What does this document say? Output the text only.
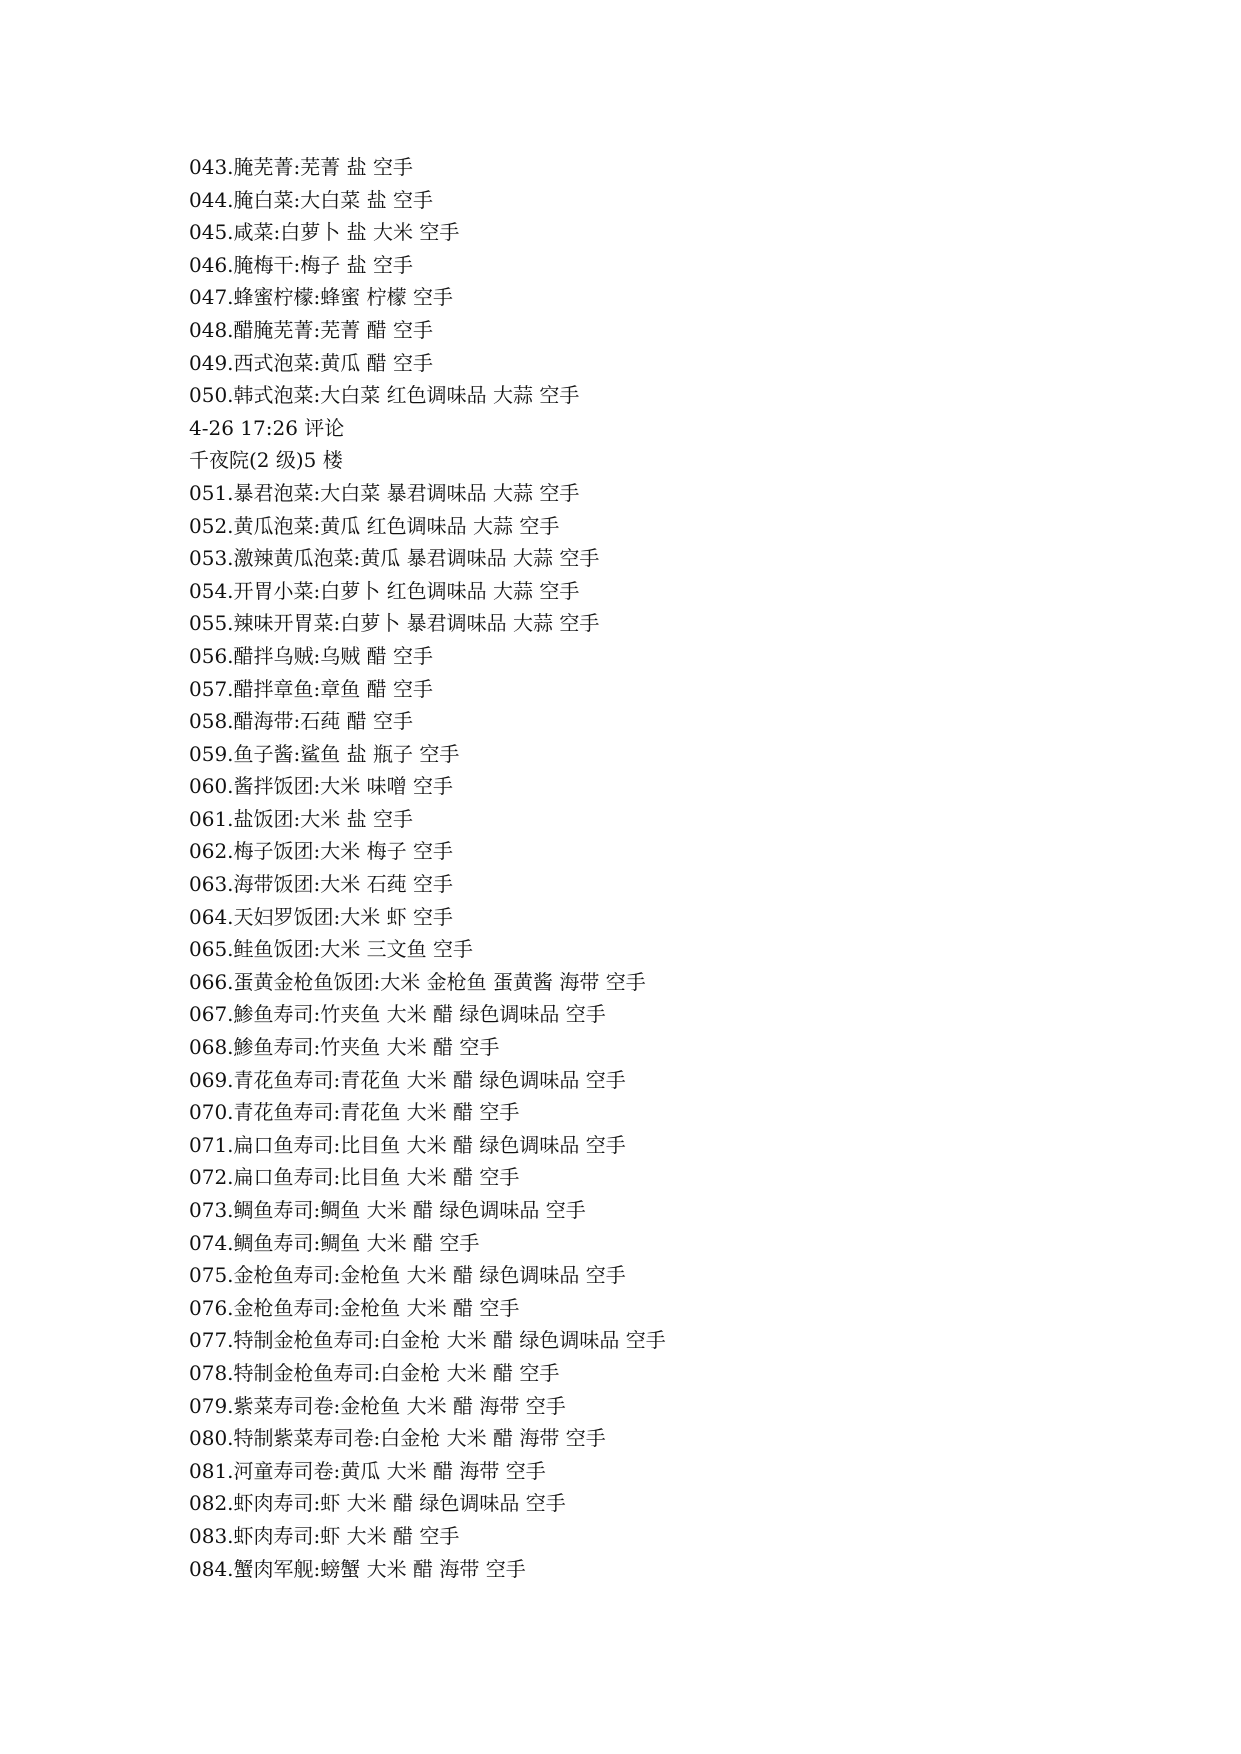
043.腌芜菁:芜菁 盐 空手
044.腌白菜:大白菜 盐 空手
045.咸菜:白萝卜 盐 大米 空手
046.腌梅干:梅子 盐 空手
047.蜂蜜柠檬:蜂蜜 柠檬 空手
048.醋腌芜菁:芜菁 醋 空手
049.西式泡菜:黄瓜 醋 空手
050.韩式泡菜:大白菜 红色调味品 大蒜 空手
4-26 17:26 评论
千夜院(2 级)5 楼
051.暴君泡菜:大白菜 暴君调味品 大蒜 空手
052.黄瓜泡菜:黄瓜 红色调味品 大蒜 空手
053.激辣黄瓜泡菜:黄瓜 暴君调味品 大蒜 空手
054.开胃小菜:白萝卜 红色调味品 大蒜 空手
055.辣味开胃菜:白萝卜 暴君调味品 大蒜 空手
056.醋拌乌贼:乌贼 醋 空手
057.醋拌章鱼:章鱼 醋 空手
058.醋海带:石莼 醋 空手
059.鱼子酱:鲨鱼 盐 瓶子 空手
060.酱拌饭团:大米 味噌 空手
061.盐饭团:大米 盐 空手
062.梅子饭团:大米 梅子 空手
063.海带饭团:大米 石莼 空手
064.天妇罗饭团:大米 虾 空手
065.鲑鱼饭团:大米 三文鱼 空手
066.蛋黄金枪鱼饭团:大米 金枪鱼 蛋黄酱 海带 空手
067.鯵鱼寿司:竹夹鱼 大米 醋 绿色调味品 空手
068.鯵鱼寿司:竹夹鱼 大米 醋 空手
069.青花鱼寿司:青花鱼 大米 醋 绿色调味品 空手
070.青花鱼寿司:青花鱼 大米 醋 空手
071.扁口鱼寿司:比目鱼 大米 醋 绿色调味品 空手
072.扁口鱼寿司:比目鱼 大米 醋 空手
073.鲷鱼寿司:鲷鱼 大米 醋 绿色调味品 空手
074.鲷鱼寿司:鲷鱼 大米 醋 空手
075.金枪鱼寿司:金枪鱼 大米 醋 绿色调味品 空手
076.金枪鱼寿司:金枪鱼 大米 醋 空手
077.特制金枪鱼寿司:白金枪 大米 醋 绿色调味品 空手
078.特制金枪鱼寿司:白金枪 大米 醋 空手
079.紫菜寿司卷:金枪鱼 大米 醋 海带 空手
080.特制紫菜寿司卷:白金枪 大米 醋 海带 空手
081.河童寿司卷:黄瓜 大米 醋 海带 空手
082.虾肉寿司:虾 大米 醋 绿色调味品 空手
083.虾肉寿司:虾 大米 醋 空手
084.蟹肉军舰:螃蟹 大米 醋 海带 空手
